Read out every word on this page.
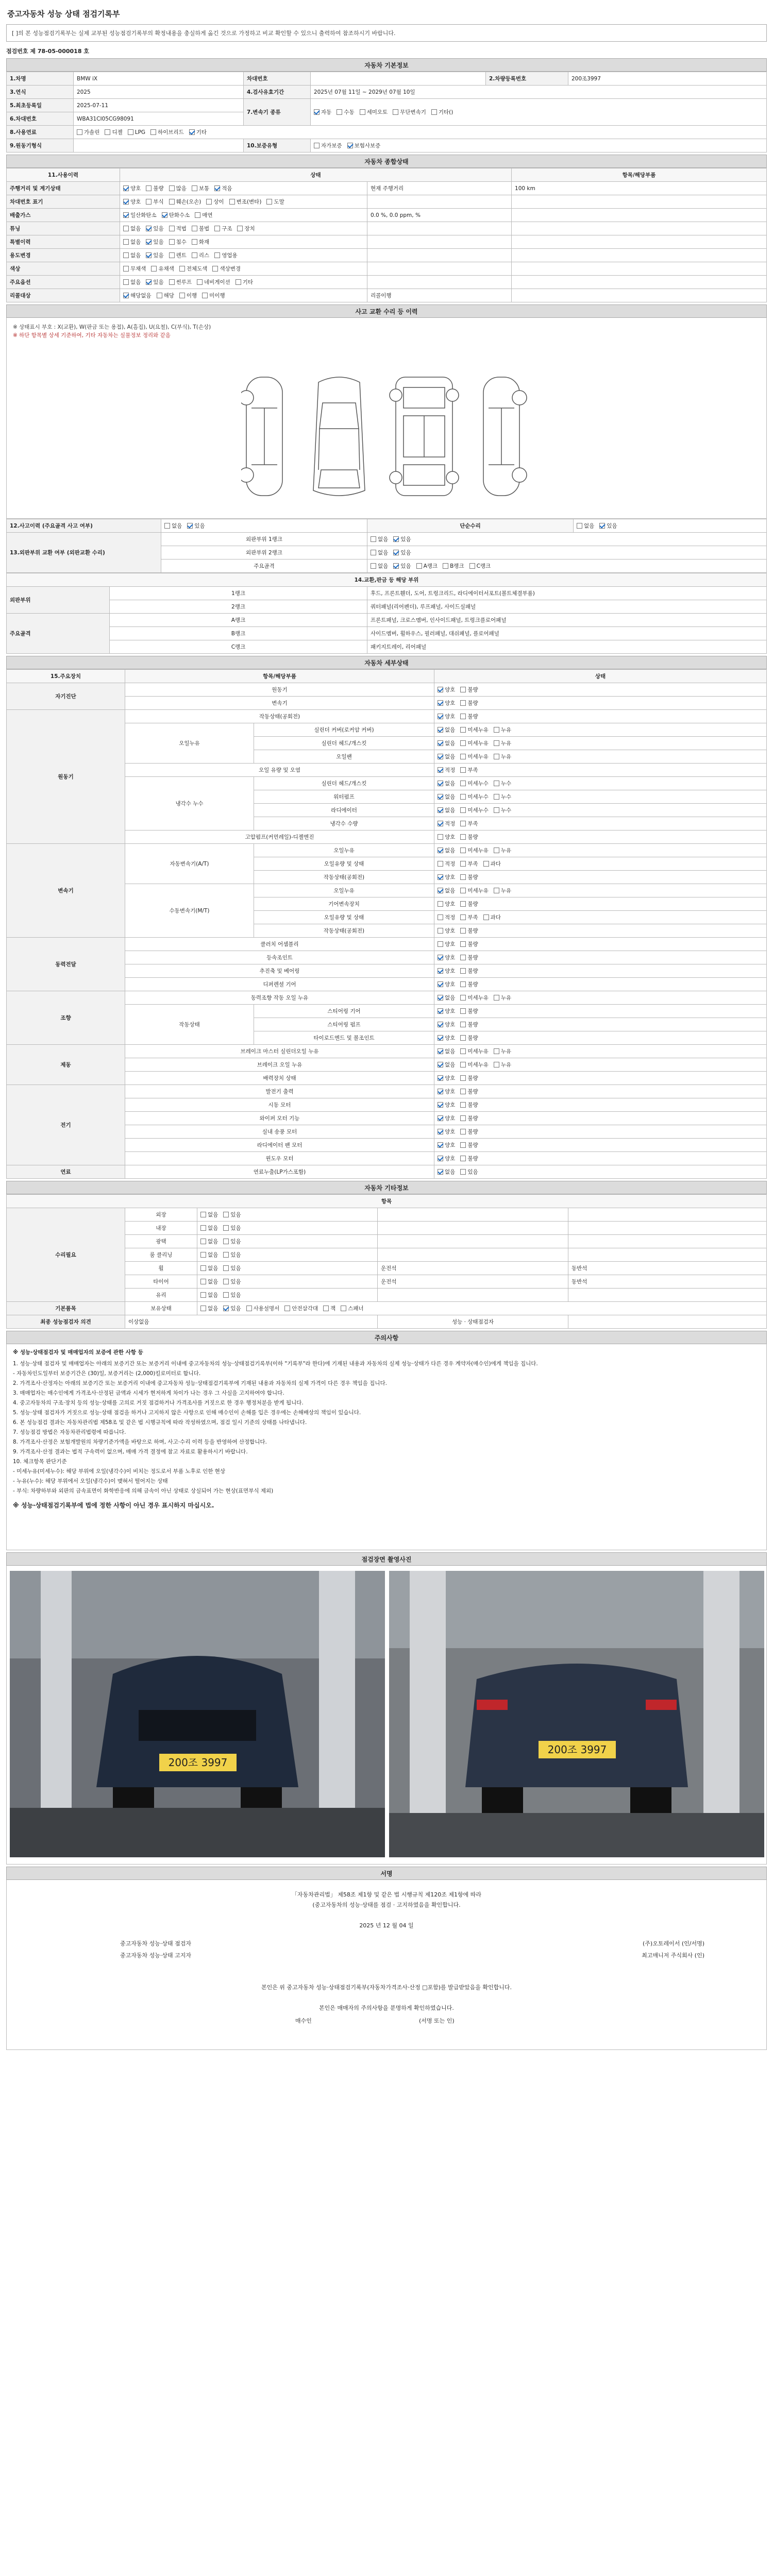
중고자동차 성능 상태 점검기록부
[ ]의 본 성능점검기록부는 실제 교부된 성능점검기록부의 확정내용을 충실하게 옮긴 것으로 가정하고 비교 확인할 수 있으니 출력하여 참조하시기 바랍니다.
점검번호 제 78-05-000018 호
자동차 기본정보
1.차명	BMW iX	차대번호		2.차량등록번호	200조3997
3.연식	2025	4.검사유효기간	2025년 07월 11일 ~ 2029년 07월 10일		
5.최초등록일	2025-07-11	7.변속기 종류	자동 수동 세미오토 무단변속기 기타()		
6.차대번호	WBA31CI05CG98091				
8.사용연료	가솔린 디젤 LPG 하이브리드 기타				
9.원동기형식		10.보증유형	자가보증 보험사보증		
자동차 종합상태
11.사용이력	상태		항목/해당부품
주행거리 및 계기상태	양호 불량 많음 보통 적음	현재 주행거리	100 km
차대번호 표기	양호 부식 훼손(오손) 상이 변조(변타) 도말		
배출가스	일산화탄소 탄화수소 매연	0.0 %, 0.0 ppm, %	
튜닝	없음 있음 적법 불법 구조 장치		
특별이력	없음 있음 침수 화재		
용도변경	없음 있음 렌트 리스 영업용		
색상	무채색 유채색 전체도색 색상변경		
주요옵션	없음 있음 썬루프 네비게이션 기타		
리콜대상	해당없음 해당 이행 미이행	리콜이행	
사고 교환 수리 등 이력
※ 상태표시 부호 : X(교환), W(판금 또는 용접), A(흠집), U(요철), C(부식), T(손상)
※ 하단 항목별 상세 기준하여, 기타 자동차는 실물정보 정리와 같음
12.사고이력 (주요골격 사고 여부)	없음 있음	단순수리	없음 있음
13.외판부위 교환 여부 (외판교환 수리)	외판부위 1랭크	없음 있음	
	외판부위 2랭크	없음 있음	
	주요골격	없음 있음 A랭크 B랭크 C랭크	
14.교환,판금 등 해당 부위		
외판부위	1랭크	후드, 프론트휀더, 도어, 트렁크리드, 라디에이터서포트(볼트체결부품)
	2랭크	쿼터패널(리어펜더), 루프패널, 사이드실패널
주요골격	A랭크	프론트패널, 크로스멤버, 인사이드패널, 트렁크플로어패널
	B랭크	사이드멤버, 휠하우스, 필러패널, 대쉬패널, 플로어패널
	C랭크	패키지트레이, 리어패널
자동차 세부상태
15.주요장치	항목/해당부품		상태
자기진단	원동기		양호 불량
	변속기		양호 불량
원동기	작동상태(공회전)		양호 불량
	오일누유	실린더 커버(로커암 커버)	없음 미세누유 누유
		실린더 헤드/개스킷	없음 미세누유 누유
		오일팬	없음 미세누유 누유
	오일 유량 및 오염		적정 부족
	냉각수 누수	실린더 헤드/개스킷	없음 미세누수 누수
		워터펌프	없음 미세누수 누수
		라디에이터	없음 미세누수 누수
		냉각수 수량	적정 부족
	고압펌프(커먼레일)-디젤엔진		양호 불량
변속기	자동변속기(A/T)	오일누유	없음 미세누유 누유
		오일유량 및 상태	적정 부족 과다
		작동상태(공회전)	양호 불량
	수동변속기(M/T)	오일누유	없음 미세누유 누유
		기어변속장치	양호 불량
		오일유량 및 상태	적정 부족 과다
		작동상태(공회전)	양호 불량
동력전달	클러치 어셈블리		양호 불량
	등속조인트		양호 불량
	추진축 및 베어링		양호 불량
	디퍼렌셜 기어		양호 불량
조향	동력조향 작동 오일 누유		없음 미세누유 누유
	작동상태	스티어링 기어	양호 불량
		스티어링 펌프	양호 불량
		타이로드엔드 및 볼조인트	양호 불량
제동	브레이크 마스터 실린더오일 누유		없음 미세누유 누유
	브레이크 오일 누유		없음 미세누유 누유
	배력장치 상태		양호 불량
전기	발전기 출력		양호 불량
	시동 모터		양호 불량
	와이퍼 모터 기능		양호 불량
	실내 송풍 모터		양호 불량
	라디에이터 팬 모터		양호 불량
	윈도우 모터		양호 불량
연료	연료누출(LP가스포함)		없음 있음
자동차 기타정보
항목				
수리필요	외장	없음 있음		
	내장	없음 있음		
	광택	없음 있음		
	룸 클리닝	없음 있음		
	휠	없음 있음	운전석	동반석
	타이어	없음 있음	운전석	동반석
	유리	없음 있음		
기본품목	보유상태	없음 있음 사용설명서 안전삼각대 잭 스패너		
최종 성능점검자 의견	이상없음		성능 · 상태점검자	
주의사항
※ 성능·상태점검자 및 매매업자의 보증에 관한 사항 등
1. 성능·상태 점검자 및 매매업자는 아래의 보증기간 또는 보증거리 이내에 중고자동차의 성능·상태점검기록부(이하 "기록부"라 한다)에 기재된 내용과 자동차의 실제 성능·상태가 다른 경우 계약자(매수인)에게 책임을 집니다.
- 자동차인도일부터 보증기간은 (30)일, 보증거리는 (2,000)킬로미터로 합니다.
2. 가격조사·산정자는 아래의 보증기간 또는 보증거리 이내에 중고자동차 성능·상태점검기록부에 기재된 내용과 자동차의 실제 가격이 다른 경우 책임을 집니다.
3. 매매업자는 매수인에게 가격조사·산정된 금액과 시세가 현저하게 차이가 나는 경우 그 사실을 고지하여야 합니다.
4. 중고자동차의 구조·장치 등의 성능·상태를 고의로 거짓 점검하거나 가격조사를 거짓으로 한 경우 행정처분을 받게 됩니다.
5. 성능·상태 점검자가 거짓으로 성능·상태 점검을 하거나 고지하지 않은 사항으로 인해 매수인이 손해를 입은 경우에는 손해배상의 책임이 있습니다.
6. 본 성능점검 결과는 자동차관리법 제58조 및 같은 법 시행규칙에 따라 작성하였으며, 점검 일시 기준의 상태를 나타냅니다.
7. 성능점검 방법은 자동차관리법령에 따릅니다.
8. 가격조사·산정은 보험개발원의 차량기준가액을 바탕으로 하며, 사고·수리 이력 등을 반영하여 산정합니다.
9. 가격조사·산정 결과는 법적 구속력이 없으며, 매매 가격 결정에 참고 자료로 활용하시기 바랍니다.
10. 체크항목 판단기준
- 미세누유(미세누수): 해당 부위에 오일(냉각수)이 비치는 정도로서 부품 노후로 인한 현상
- 누유(누수): 해당 부위에서 오일(냉각수)이 맺혀서 떨어지는 상태
- 부식: 차량하부와 외판의 금속표면이 화학반응에 의해 금속이 아닌 상태로 상실되어 가는 현상(표면부식 제외)
※ 성능·상태점검기록부에 법에 정한 사항이 아닌 경우 표시하지 마십시오.
점검장면 촬영사진
200조 3997
200조 3997
서명
「자동차관리법」 제58조 제1항 및 같은 법 시행규칙 제120조 제1항에 따라
(중고자동차의 성능·상태를 점검 · 고지하였음을 확인합니다.
2025 년 12 월 04 일
중고자동차 성능·상태 점검자	(주)오토레이서 (인/서명)
중고자동차 성능·상태 고지자	최고매니저 주식회사 (인)
본인은 위 중고자동차 성능·상태점검기록부(자동차가격조사·산정 □포함)를 발급받았음을 확인합니다.
본인은 매매자의 주의사항을 분명하게 확인하였습니다.
매수인	(서명 또는 인)
